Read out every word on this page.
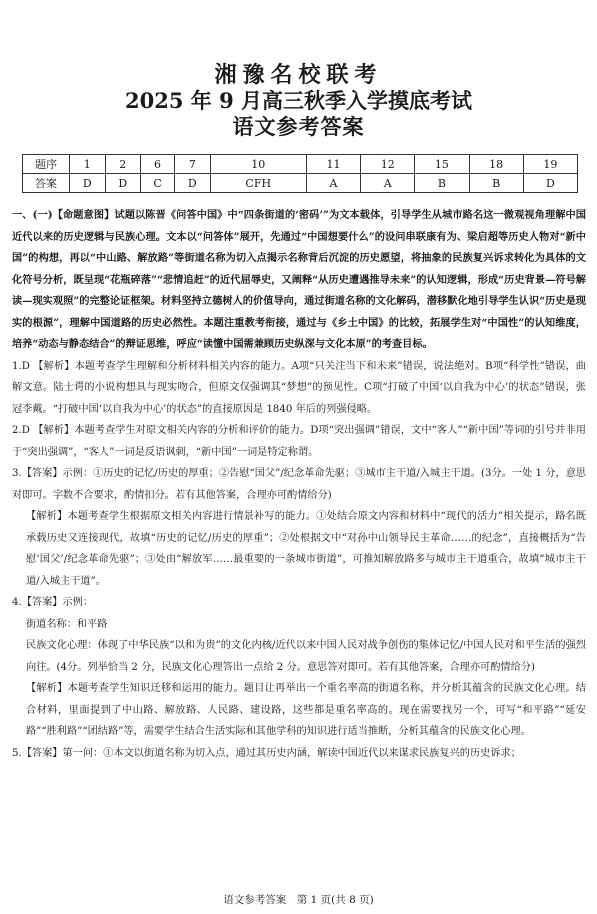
湘豫名校联考
2025 年 9 月高三秋季入学摸底考试
语文参考答案
题序	1	2	6	7	10	11	12	15	18	19
答案	D	D	C	D	CFH	A	A	B	B	D

一、(一)【命题意图】试题以陈晋《问答中国》中“四条街道的‘密码’”为文本载体，引导学生从城市路名这一微观视角理解中国近代以来的历史逻辑与民族心理。文本以“问答体”展开，先通过“中国想要什么”的设问串联康有为、梁启超等历史人物对“新中国”的构想，再以“中山路、解放路”等街道名称为切入点揭示名称背后沉淀的历史愿望，将抽象的民族复兴诉求转化为具体的文化符号分析，既呈现“花瓶碎落”“悲情追赶”的近代屈辱史，又阐释“从历史遭遇推导未来”的认知逻辑，形成“历史背景—符号解读—现实观照”的完整论证框架。材料坚持立德树人的价值导向，通过街道名称的文化解码，潜移默化地引导学生认识“历史是现实的根源”，理解中国道路的历史必然性。本题注重教考衔接，通过与《乡土中国》的比较，拓展学生对“中国性”的认知维度，培养“动态与静态结合”的辩证思维，呼应“读懂中国需兼顾历史纵深与文化本原”的考查目标。

1.D 【解析】本题考查学生理解和分析材料相关内容的能力。A项“只关注当下和未来”错误，说法绝对。B项“科学性”错误，曲解文意。陆士谔的小说构想具与现实吻合，但原文仅强调其“梦想”的预见性。C项“打破了中国‘以自我为中心’的状态”错误，张冠李戴。“打破中国‘以自我为中心’的状态”的直接原因是 1840 年后的列强侵略。

2.D 【解析】本题考查学生对原文相关内容的分析和评价的能力。D项“突出强调”错误，文中“客人”“新中国”等词的引号并非用于“突出强调”，“客人”一词是反语讽刺，“新中国”一词是特定称谓。

3.【答案】示例：①历史的记忆/历史的厚重；②告慰“国父”/纪念革命先驱；③城市主干道/入城主干道。(3分。一处 1 分，意思对即可。字数不合要求，酌情扣分。若有其他答案，合理亦可酌情给分)

【解析】本题考查学生根据原文相关内容进行情景补写的能力。①处结合原文内容和材料中“现代的活力”相关提示，路名既承载历史又连接现代，故填“历史的记忆/历史的厚重”；②处根据文中“对孙中山领导民主革命……的纪念”，直接概括为“告慰‘国父’/纪念革命先驱”；③处由“解放军……最重要的一条城市街道”，可推知解放路多与城市主干道重合，故填“城市主干道/入城主干道”。

4.【答案】示例：

街道名称：和平路

民族文化心理：体现了中华民族“以和为贵”的文化内核/近代以来中国人民对战争创伤的集体记忆/中国人民对和平生活的强烈向往。(4分。列举恰当 2 分，民族文化心理答出一点给 2 分。意思答对即可。若有其他答案，合理亦可酌情给分)

【解析】本题考查学生知识迁移和运用的能力。题目让再举出一个重名率高的街道名称，并分析其蕴含的民族文化心理。结合材料，里面提到了中山路、解放路、人民路、建设路，这些都是重名率高的。现在需要找另一个，可写“和平路”“延安路”“胜利路”“团结路”等，需要学生结合生活实际和其他学科的知识进行适当推断，分析其蕴含的民族文化心理。

5.【答案】第一问：①本文以街道名称为切入点，通过其历史内涵，解读中国近代以来谋求民族复兴的历史诉求；

语文参考答案　第 1 页(共 8 页)
